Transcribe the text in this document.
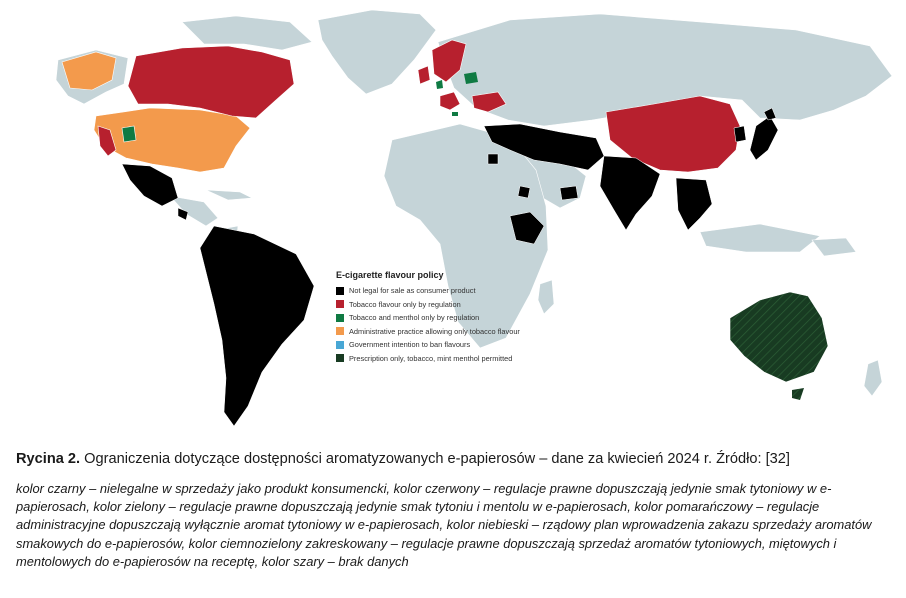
E-cigarette flavour policy
Not legal for sale as consumer product
Tobacco flavour only by regulation
Tobacco and menthol only by regulation
Administrative practice allowing only tobacco flavour
Government intention to ban flavours
Prescription only, tobacco, mint menthol permitted
Rycina 2. Ograniczenia dotyczące dostępności aromatyzowanych e-papierosów – dane za kwiecień 2024 r. Źródło: [32]
kolor czarny – nielegalne w sprzedaży jako produkt konsumencki, kolor czerwony – regulacje prawne dopuszczają jedynie smak tytoniowy w e-papierosach, kolor zielony – regulacje prawne dopuszczają jedynie smak tytoniu i mentolu w e-papierosach, kolor pomarańczowy – regulacje administracyjne dopuszczają wyłącznie aromat tytoniowy w e-papierosach, kolor niebieski – rządowy plan wprowadzenia zakazu sprzedaży aromatów smakowych do e-papierosów, kolor ciemnozielony zakreskowany – regulacje prawne dopuszczają sprzedaż aromatów tytoniowych, miętowych i mentolowych do e-papierosów na receptę, kolor szary – brak danych
